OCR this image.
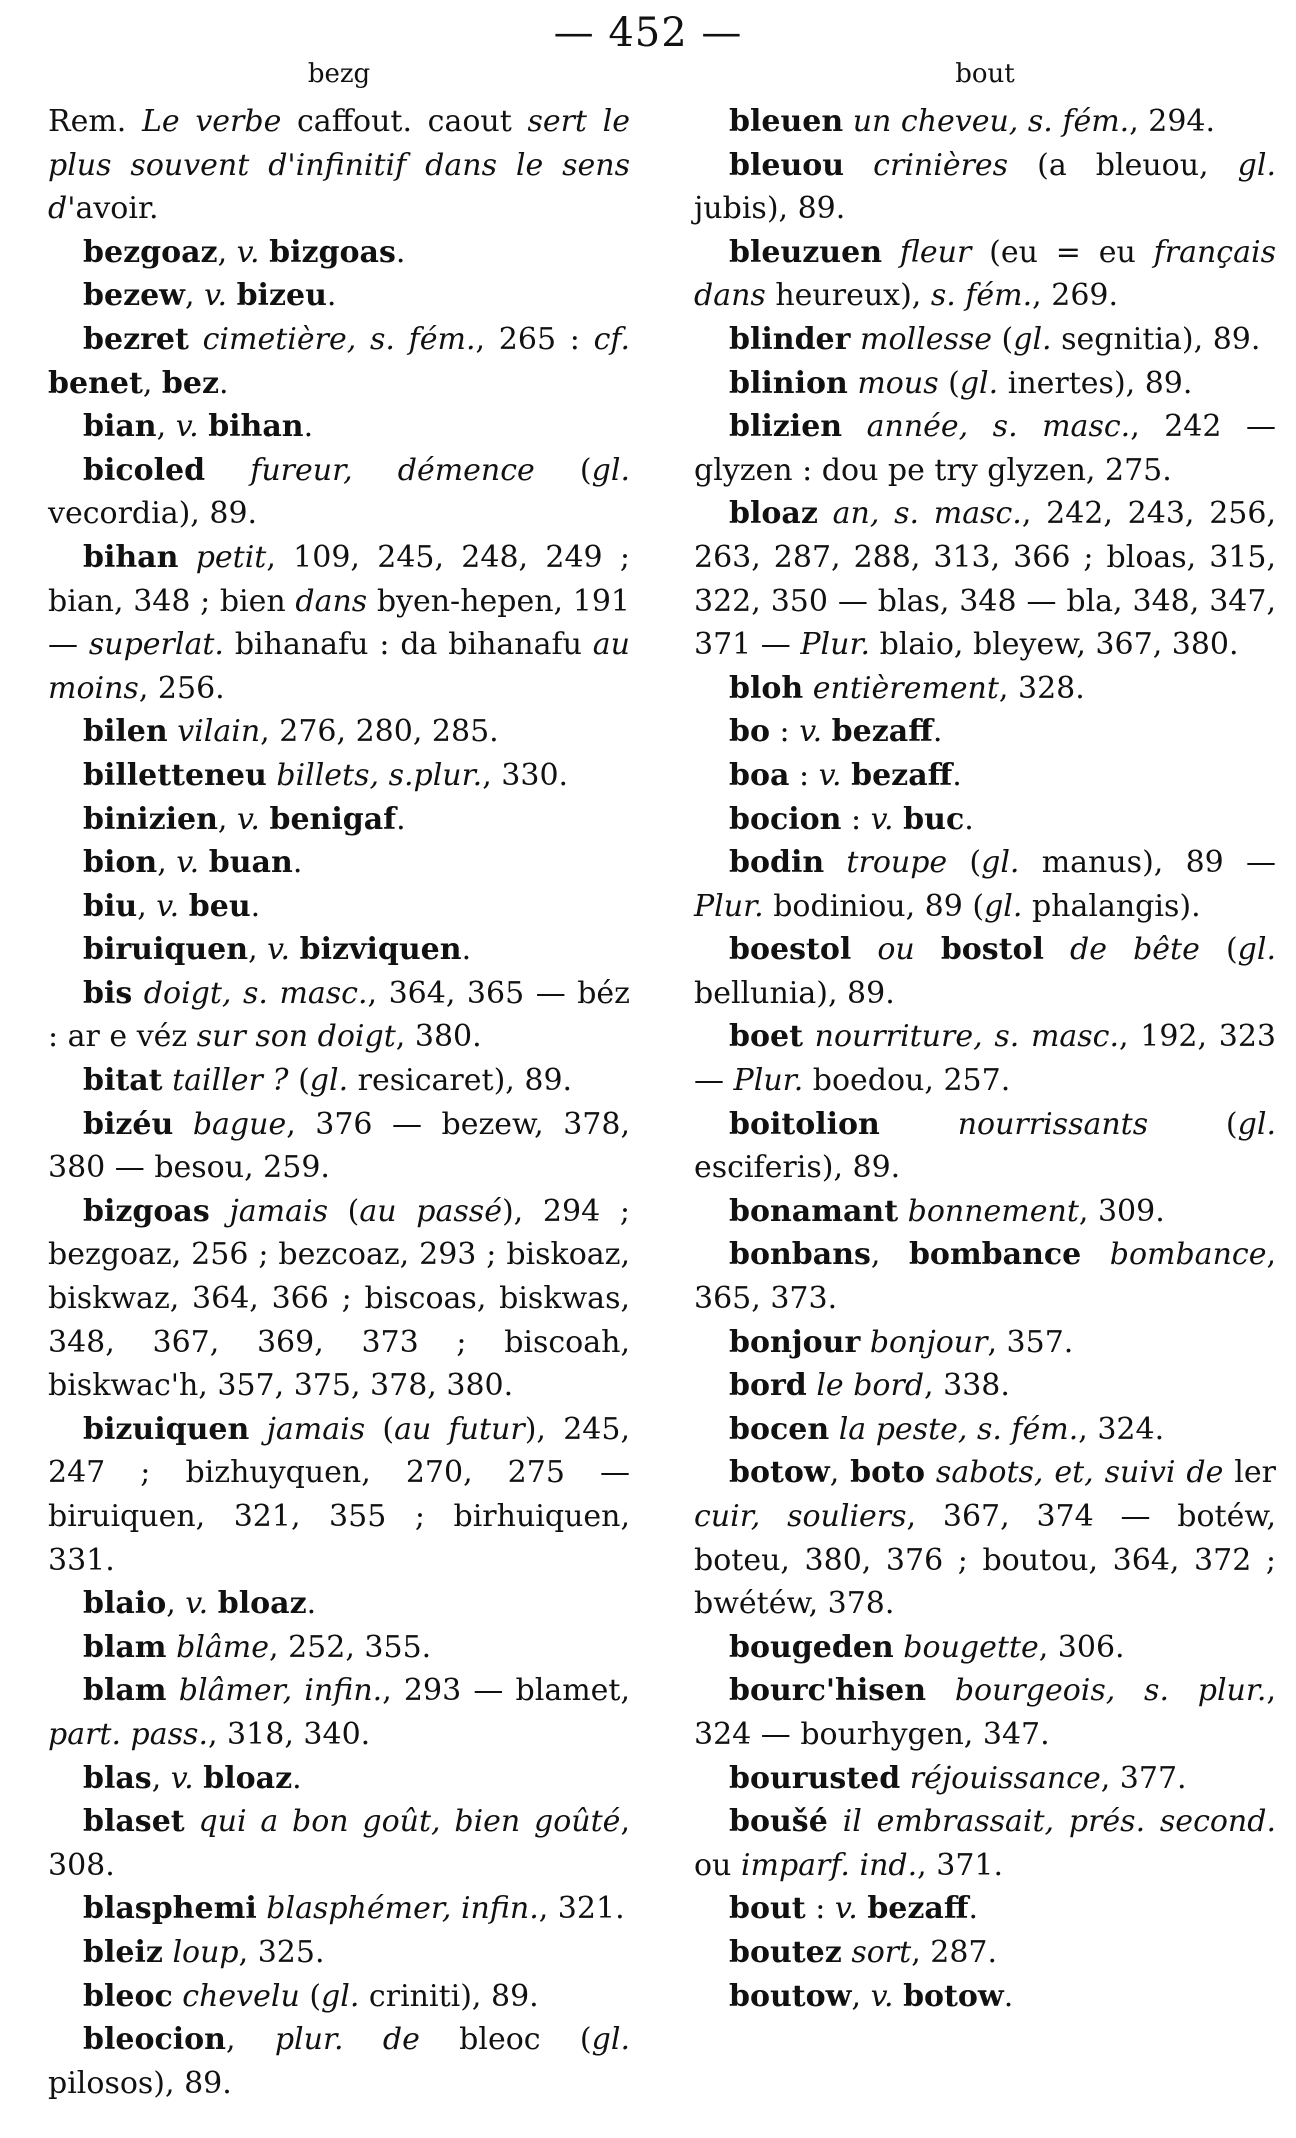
— 452 —
bezg

Rem. Le verbe caffout. caout sert le plus souvent d'infinitif dans le sens d'avoir.

bezgoaz, v. bizgoas.

bezew, v. bizeu.

bezret cimetière, s. fém., 265 : cf. benet, bez.

bian, v. bihan.

bicoled fureur, démence (gl. vecordia), 89.

bihan petit, 109, 245, 248, 249 ; bian, 348 ; bien dans byen-hepen, 191 — superlat. bihanafu : da bihanafu au moins, 256.

bilen vilain, 276, 280, 285.

billetteneu billets, s.plur., 330.

binizien, v. benigaf.

bion, v. buan.

biu, v. beu.

biruiquen, v. bizviquen.

bis doigt, s. masc., 364, 365 — béz : ar e véz sur son doigt, 380.

bitat tailler ? (gl. resicaret), 89.

bizéu bague, 376 — bezew, 378, 380 — besou, 259.

bizgoas jamais (au passé), 294 ; bezgoaz, 256 ; bezcoaz, 293 ; biskoaz, biskwaz, 364, 366 ; biscoas, biskwas, 348, 367, 369, 373 ; biscoah, biskwac'h, 357, 375, 378, 380.

bizuiquen jamais (au futur), 245, 247 ; bizhuyquen, 270, 275 — biruiquen, 321, 355 ; birhuiquen, 331.

blaio, v. bloaz.

blam blâme, 252, 355.

blam blâmer, infin., 293 — blamet, part. pass., 318, 340.

blas, v. bloaz.

blaset qui a bon goût, bien goûté, 308.

blasphemi blasphémer, infin., 321.

bleiz loup, 325.

bleoc chevelu (gl. criniti), 89.

bleocion, plur. de bleoc (gl. pilosos), 89.

bout

bleuen un cheveu, s. fém., 294.

bleuou crinières (a bleuou, gl. jubis), 89.

bleuzuen fleur (eu = eu français dans heureux), s. fém., 269.

blinder mollesse (gl. segnitia), 89.

blinion mous (gl. inertes), 89.

blizien année, s. masc., 242 — glyzen : dou pe try glyzen, 275.

bloaz an, s. masc., 242, 243, 256, 263, 287, 288, 313, 366 ; bloas, 315, 322, 350 — blas, 348 — bla, 348, 347, 371 — Plur. blaio, bleyew, 367, 380.

bloh entièrement, 328.

bo : v. bezaff.

boa : v. bezaff.

bocion : v. buc.

bodin troupe (gl. manus), 89 — Plur. bodiniou, 89 (gl. phalangis).

boestol ou bostol de bête (gl. bellunia), 89.

boet nourriture, s. masc., 192, 323 — Plur. boedou, 257.

boitolion	nourrissants (gl. esciferis), 89.

bonamant bonnement, 309.

bonbans, bombance bombance, 365, 373.

bonjour bonjour, 357.

bord le bord, 338.

bocen la peste, s. fém., 324.

botow, boto sabots, et, suivi de ler cuir, souliers, 367, 374 — botéw, boteu, 380, 376 ; boutou, 364, 372 ; bwétéw, 378.

bougeden bougette, 306.

bourc'hisen bourgeois, s. plur., 324 — bourhygen, 347.

bourusted réjouissance, 377.

boušé il embrassait, prés. second. ou imparf. ind., 371.

bout : v. bezaff.

boutez sort, 287.

boutow, v. botow.
